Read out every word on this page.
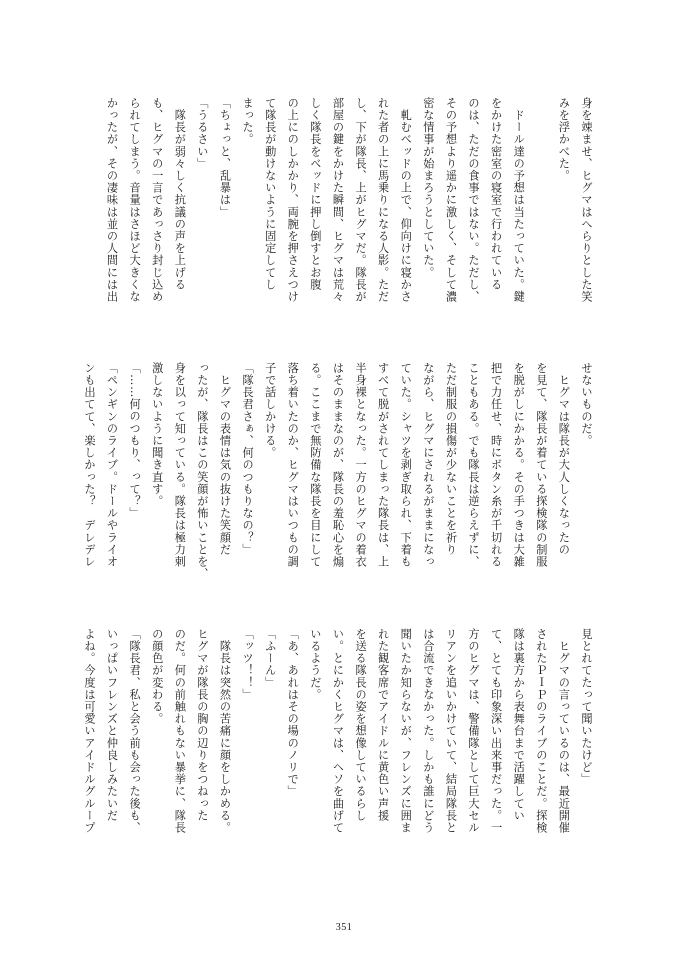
身を竦ませ、ヒグマはへらりとした笑

みを浮かべた。

　ドール達の予想は当たっていた。鍵

をかけた密室の寝室で行われている

のは、ただの食事ではない。ただし、

その予想より遥かに激しく、そして濃

密な情事が始まろうとしていた。

　軋むベッドの上で、仰向けに寝かさ

れた者の上に馬乗りになる人影。ただ

し、下が隊長、上がヒグマだ。隊長が

部屋の鍵をかけた瞬間、ヒグマは荒々

しく隊長をベッドに押し倒すとお腹

の上にのしかかり、両腕を押さえつけ

て隊長が動けないように固定してし

まった。

「ちょっと、乱暴は」

「うるさい」

　隊長が弱々しく抗議の声を上げる

も、ヒグマの一言であっさり封じ込め

られてしまう。音量はさほど大きくな

かったが、その凄味は並の人間には出

せないものだ。

　ヒグマは隊長が大人しくなったの

を見て、隊長が着ている探検隊の制服

を脱がしにかかる。その手つきは大雑

把で力任せ、時にボタン糸が千切れる

こともある。でも隊長は逆らえずに、

ただ制服の損傷が少ないことを祈り

ながら、ヒグマにされるがままになっ

ていた。シャツを剥ぎ取られ、下着も

すべて脱がされてしまった隊長は、上

半身裸となった。一方のヒグマの着衣

はそのままなのが、隊長の羞恥心を煽

る。ここまで無防備な隊長を目にして

落ち着いたのか、ヒグマはいつもの調

子で話しかける。

「隊長君さぁ、何のつもりなの？」

　ヒグマの表情は気の抜けた笑顔だ

ったが、隊長はこの笑顔が怖いことを、

身を以って知っている。隊長は極力刺

激しないように聞き直す。

「……何のつもり、って？」

「ペンギンのライブ。ドールやライオ

ンも出てて、楽しかった？　デレデレ

見とれてたって聞いたけど」

　ヒグマの言っているのは、最近開催

されたＰＩＰのライブのことだ。探検

隊は裏方から表舞台まで活躍してい

て、とても印象深い出来事だった。一

方のヒグマは、警備隊として巨大セル

リアンを追いかけていて、結局隊長と

は合流できなかった。しかも誰にどう

聞いたか知らないが、フレンズに囲ま

れた観客席でアイドルに黄色い声援

を送る隊長の姿を想像しているらし

い。とにかくヒグマは、ヘソを曲げて

いるようだ。

「あ、あれはその場のノリで」

「ふーん」

「ッツ！！」

　隊長は突然の苦痛に顔をしかめる。

ヒグマが隊長の胸の辺りをつねった

のだ。何の前触れもない暴挙に、隊長

の顔色が変わる。

「隊長君、私と会う前も会った後も、

いっぱいフレンズと仲良しみたいだ

よね。今度は可愛いアイドルグループ

351
